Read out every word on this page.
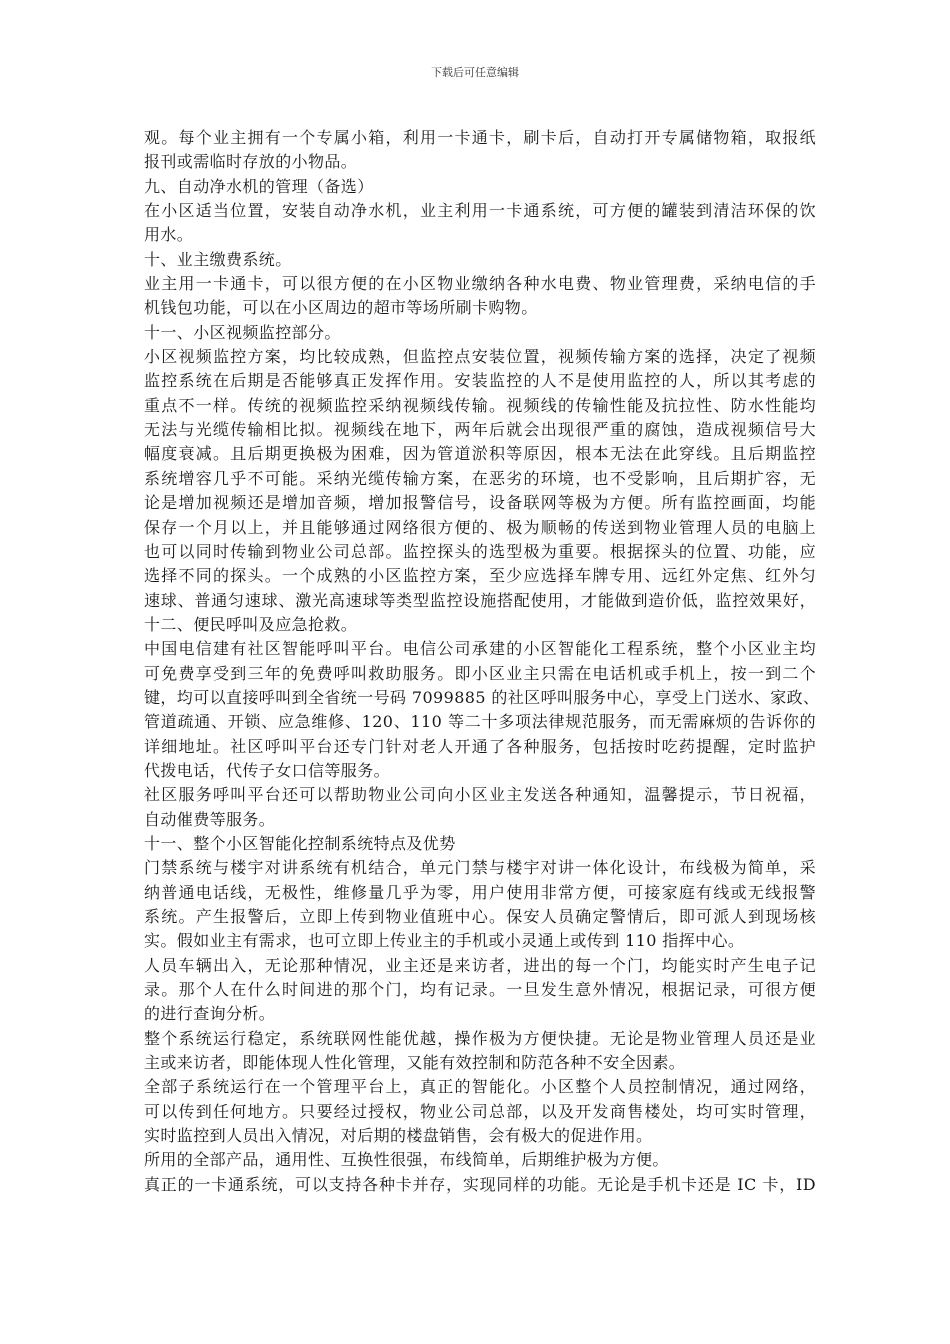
下载后可任意编辑
观。每个业主拥有一个专属小箱，利用一卡通卡，刷卡后，自动打开专属储物箱，取报纸
报刊或需临时存放的小物品。
九、自动净水机的管理（备选）
在小区适当位置，安装自动净水机，业主利用一卡通系统，可方便的罐装到清洁环保的饮
用水。
十、业主缴费系统。
业主用一卡通卡，可以很方便的在小区物业缴纳各种水电费、物业管理费，采纳电信的手
机钱包功能，可以在小区周边的超市等场所刷卡购物。
十一、小区视频监控部分。
小区视频监控方案，均比较成熟，但监控点安装位置，视频传输方案的选择，决定了视频
监控系统在后期是否能够真正发挥作用。安装监控的人不是使用监控的人，所以其考虑的
重点不一样。传统的视频监控采纳视频线传输。视频线的传输性能及抗拉性、防水性能均
无法与光缆传输相比拟。视频线在地下，两年后就会出现很严重的腐蚀，造成视频信号大
幅度衰减。且后期更换极为困难，因为管道淤积等原因，根本无法在此穿线。且后期监控
系统增容几乎不可能。采纳光缆传输方案，在恶劣的环境，也不受影响，且后期扩容，无
论是增加视频还是增加音频，增加报警信号，设备联网等极为方便。所有监控画面，均能
保存一个月以上，并且能够通过网络很方便的、极为顺畅的传送到物业管理人员的电脑上
也可以同时传输到物业公司总部。监控探头的选型极为重要。根据探头的位置、功能，应
选择不同的探头。一个成熟的小区监控方案，至少应选择车牌专用、远红外定焦、红外匀
速球、普通匀速球、激光高速球等类型监控设施搭配使用，才能做到造价低，监控效果好，
十二、便民呼叫及应急抢救。
中国电信建有社区智能呼叫平台。电信公司承建的小区智能化工程系统，整个小区业主均
可免费享受到三年的免费呼叫救助服务。即小区业主只需在电话机或手机上，按一到二个
键，均可以直接呼叫到全省统一号码 7099885 的社区呼叫服务中心，享受上门送水、家政、
管道疏通、开锁、应急维修、120、110 等二十多项法律规范服务，而无需麻烦的告诉你的
详细地址。社区呼叫平台还专门针对老人开通了各种服务，包括按时吃药提醒，定时监护
代拨电话，代传子女口信等服务。
社区服务呼叫平台还可以帮助物业公司向小区业主发送各种通知，温馨提示，节日祝福，
自动催费等服务。
十一、整个小区智能化控制系统特点及优势
门禁系统与楼宇对讲系统有机结合，单元门禁与楼宇对讲一体化设计，布线极为简单，采
纳普通电话线，无极性，维修量几乎为零，用户使用非常方便，可接家庭有线或无线报警
系统。产生报警后，立即上传到物业值班中心。保安人员确定警情后，即可派人到现场核
实。假如业主有需求，也可立即上传业主的手机或小灵通上或传到 110 指挥中心。
人员车辆出入，无论那种情况，业主还是来访者，进出的每一个门，均能实时产生电子记
录。那个人在什么时间进的那个门，均有记录。一旦发生意外情况，根据记录，可很方便
的进行查询分析。
整个系统运行稳定，系统联网性能优越，操作极为方便快捷。无论是物业管理人员还是业
主或来访者，即能体现人性化管理，又能有效控制和防范各种不安全因素。
全部子系统运行在一个管理平台上，真正的智能化。小区整个人员控制情况，通过网络，
可以传到任何地方。只要经过授权，物业公司总部，以及开发商售楼处，均可实时管理，
实时监控到人员出入情况，对后期的楼盘销售，会有极大的促进作用。
所用的全部产品，通用性、互换性很强，布线简单，后期维护极为方便。
真正的一卡通系统，可以支持各种卡并存，实现同样的功能。无论是手机卡还是 IC 卡，ID
